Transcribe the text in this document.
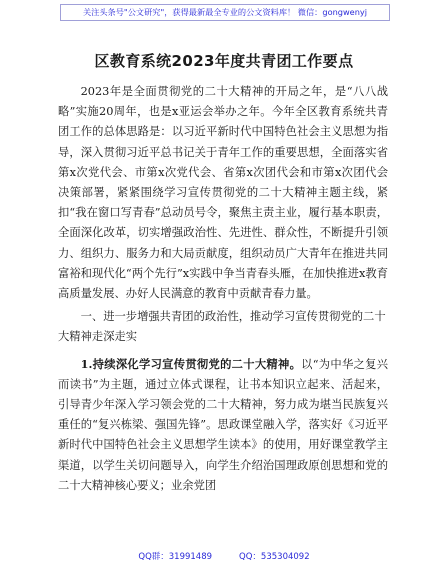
关注头条号"公文研究"，获得最新最全专业的公文资料库！ 微信：gongwenyj
区教育系统2023年度共青团工作要点

2023年是全面贯彻党的二十大精神的开局之年，是“八八战略”实施20周年，也是x亚运会举办之年。今年全区教育系统共青团工作的总体思路是：以习近平新时代中国特色社会主义思想为指导，深入贯彻习近平总书记关于青年工作的重要思想，全面落实省第x次党代会、市第x次党代会、省第x次团代会和市第x次团代会决策部署，紧紧围绕学习宣传贯彻党的二十大精神主题主线，紧扣“我在窗口写青春”总动员号令，聚焦主责主业，履行基本职责，全面深化改革，切实增强政治性、先进性、群众性，不断提升引领力、组织力、服务力和大局贡献度，组织动员广大青年在推进共同富裕和现代化“两个先行”x实践中争当青春头雁，在加快推进x教育高质量发展、办好人民满意的教育中贡献青春力量。

一、进一步增强共青团的政治性，推动学习宣传贯彻党的二十大精神走深走实

1.持续深化学习宣传贯彻党的二十大精神。以“为中华之复兴而读书”为主题，通过立体式课程，让书本知识立起来、活起来，引导青少年深入学习领会党的二十大精神，努力成为堪当民族复兴重任的“复兴栋梁、强国先锋”。思政课堂融入学，落实好《习近平新时代中国特色社会主义思想学生读本》的使用，用好课堂教学主渠道，以学生关切问题导入，向学生介绍治国理政原创思想和党的二十大精神核心要义；业余党团

QQ群：31991489          QQ：535304092
